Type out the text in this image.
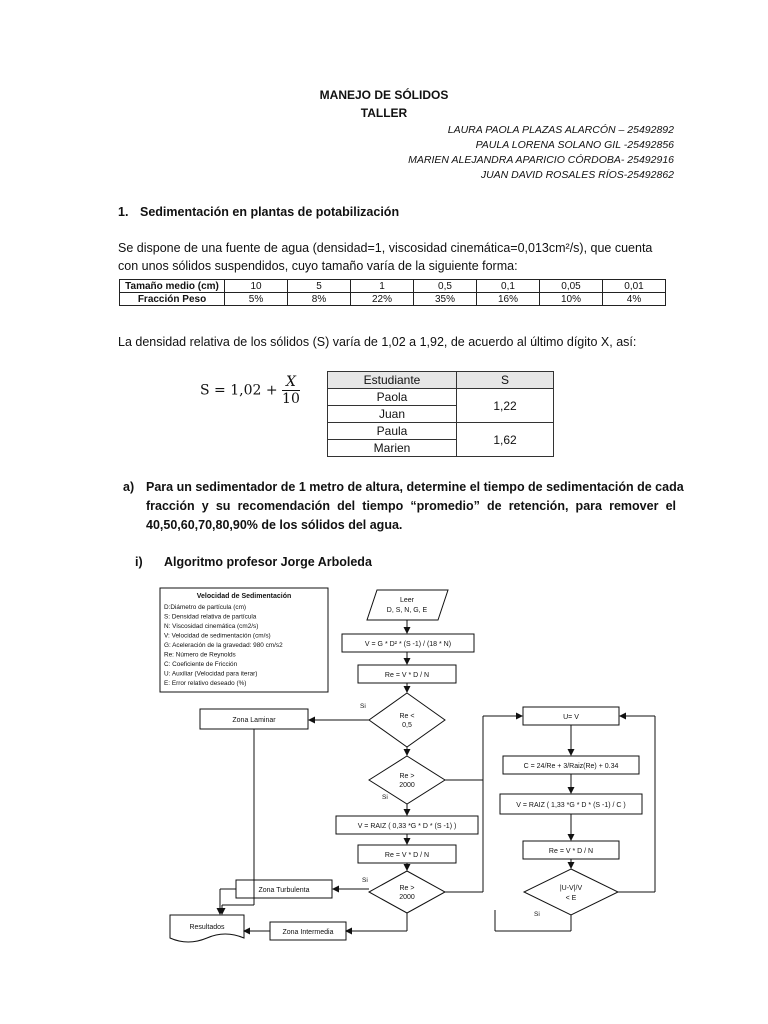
MANEJO DE SÓLIDOS
TALLER
LAURA PAOLA PLAZAS ALARCÓN – 25492892
PAULA LORENA SOLANO GIL -25492856
MARIEN ALEJANDRA APARICIO CÓRDOBA- 25492916
JUAN DAVID ROSALES RÍOS-25492862
1. Sedimentación en plantas de potabilización
Se dispone de una fuente de agua (densidad=1, viscosidad cinemática=0,013cm²/s), que cuenta
con unos sólidos suspendidos, cuyo tamaño varía de la siguiente forma:
Tamaño medio (cm)	10	5	1	0,5	0,1	0,05	0,01
Fracción Peso	5%	8%	22%	35%	16%	10%	4%
La densidad relativa de los sólidos (S) varía de 1,02 a 1,92, de acuerdo al último dígito X, así:
$S = 1,02 + \frac{X}{10}$	Estudiante	S
Paola	1,22
Juan	
Paula	1,62
Marien	
a) Para un sedimentador de 1 metro de altura, determine el tiempo de sedimentación de cada
fracción y su recomendación del tiempo “promedio” de retención, para remover el
40,50,60,70,80,90% de los sólidos del agua.
i) Algoritmo profesor Jorge Arboleda
Velocidad de Sedimentación
D:Diámetro de partícula (cm)
S: Densidad relativa de partícula
N: Viscosidad cinemática (cm2/s)
V: Velocidad de sedimentación (cm/s)
G: Aceleración de la gravedad: 980 cm/s2
Re: Número de Reynolds
C: Coeficiente de Fricción
U: Auxiliar (Velocidad para iterar)
E: Error relativo deseado (%)
Leer
D, S, N, G, E
V = G * D² * (S -1) / (18 * N)
Re = V * D / N
Re <
0,5
Zona Laminar
Re >
2000
V = RAIZ ( 0,33 *G * D * (S -1) )
Re = V * D / N
Re >
2000
Zona Turbulenta
Resultados
Zona Intermedia
U= V
C = 24/Re + 3/Raiz(Re) + 0.34
V = RAIZ ( 1,33 *G * D * (S -1) / C )
Re = V * D / N
|U-V|/V
< E
Si
Si
Si
Si
